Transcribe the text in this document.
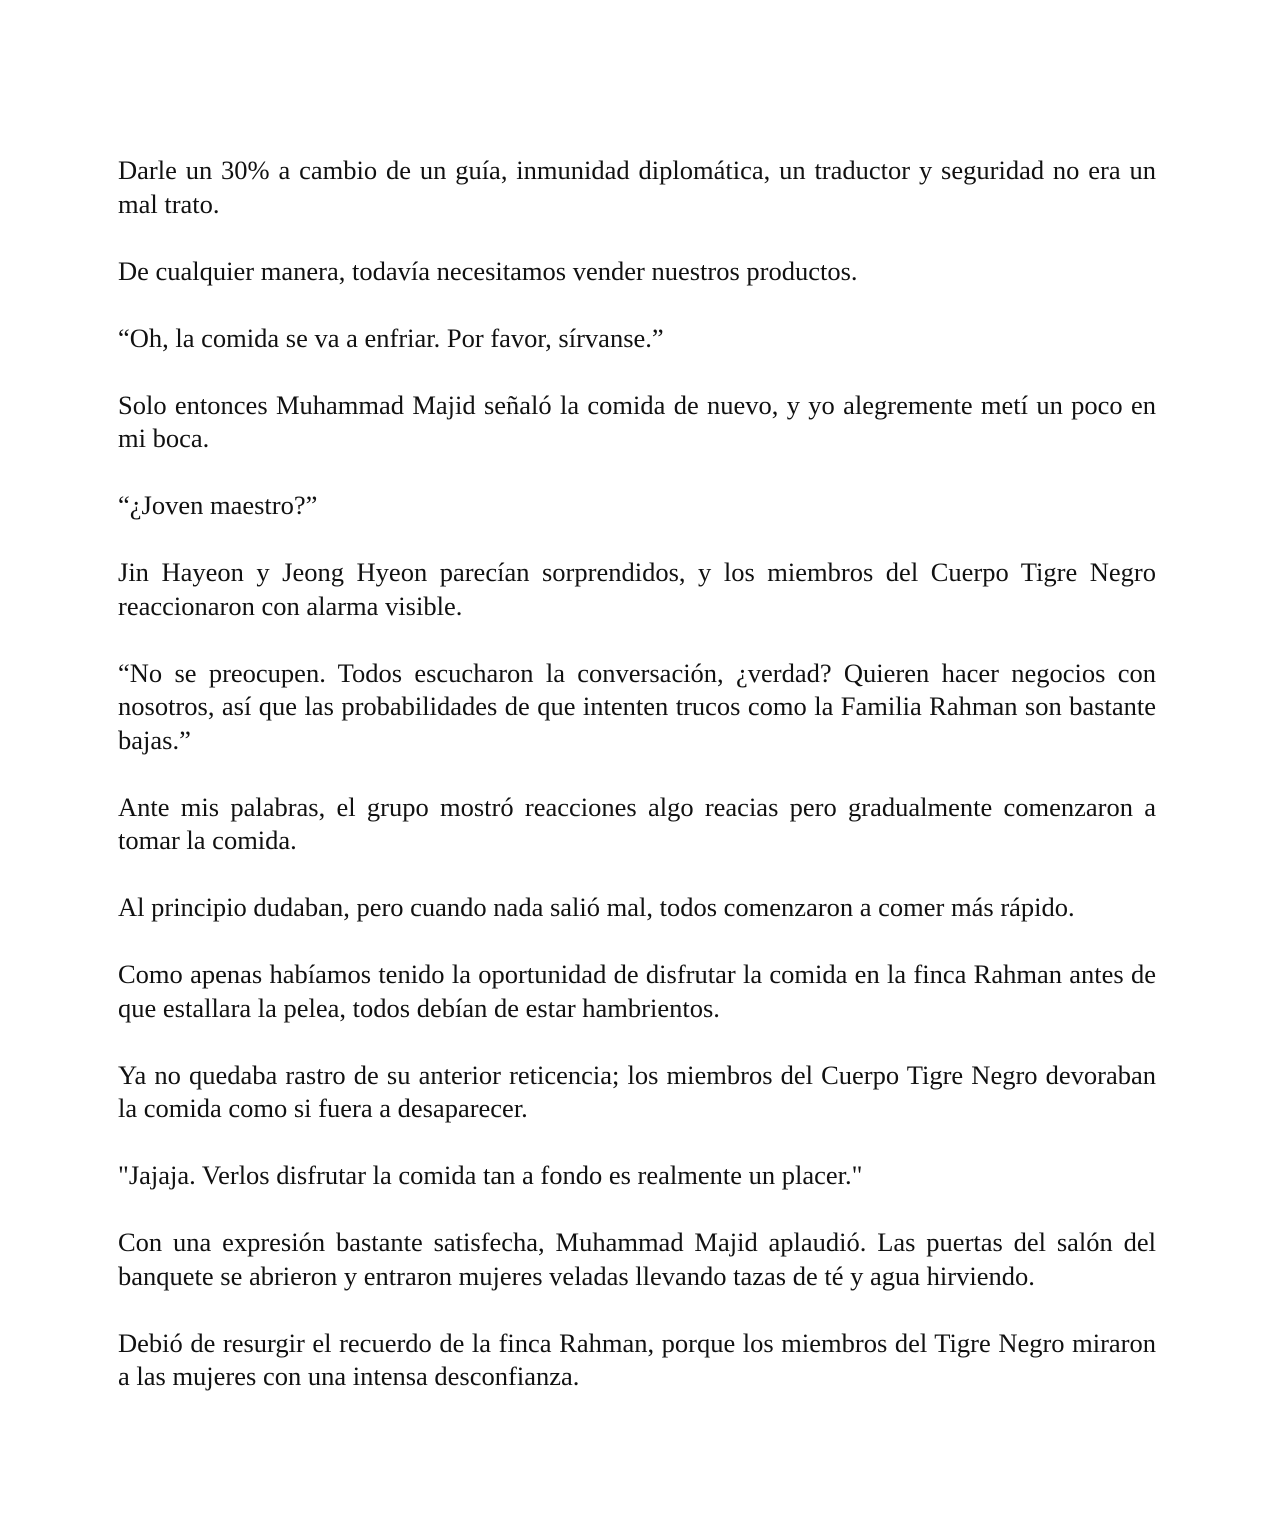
Darle un 30% a cambio de un guía, inmunidad diplomática, un traductor y seguridad no era un mal trato.

De cualquier manera, todavía necesitamos vender nuestros productos.

“Oh, la comida se va a enfriar. Por favor, sírvanse.”

Solo entonces Muhammad Majid señaló la comida de nuevo, y yo alegremente metí un poco en mi boca.

“¿Joven maestro?”

Jin Hayeon y Jeong Hyeon parecían sorprendidos, y los miembros del Cuerpo Tigre Negro reaccionaron con alarma visible.

“No se preocupen. Todos escucharon la conversación, ¿verdad? Quieren hacer negocios con nosotros, así que las probabilidades de que intenten trucos como la Familia Rahman son bastante bajas.”

Ante mis palabras, el grupo mostró reacciones algo reacias pero gradualmente comenzaron a tomar la comida.

Al principio dudaban, pero cuando nada salió mal, todos comenzaron a comer más rápido.

Como apenas habíamos tenido la oportunidad de disfrutar la comida en la finca Rahman antes de que estallara la pelea, todos debían de estar hambrientos.

Ya no quedaba rastro de su anterior reticencia; los miembros del Cuerpo Tigre Negro devoraban la comida como si fuera a desaparecer.

"Jajaja. Verlos disfrutar la comida tan a fondo es realmente un placer."

Con una expresión bastante satisfecha, Muhammad Majid aplaudió. Las puertas del salón del banquete se abrieron y entraron mujeres veladas llevando tazas de té y agua hirviendo.

Debió de resurgir el recuerdo de la finca Rahman, porque los miembros del Tigre Negro miraron a las mujeres con una intensa desconfianza.
